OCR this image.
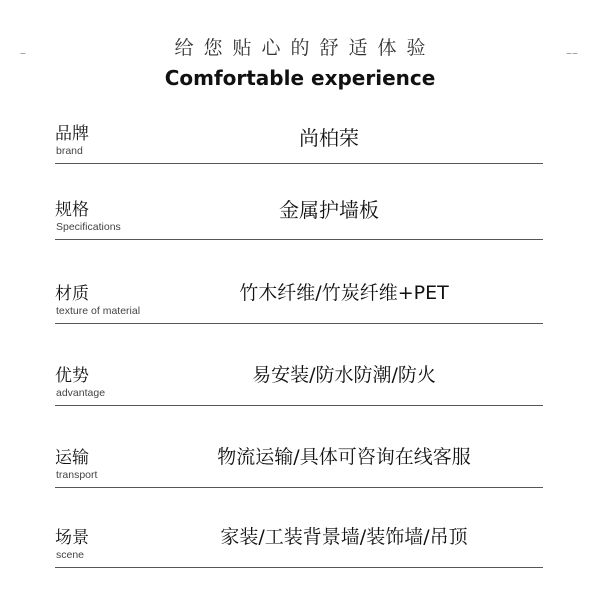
–	给您贴心的舒适体验
Comfortable experience
––
品牌
brand
尚柏荣
规格
Specifications
金属护墙板
材质
texture of material
竹木纤维/竹炭纤维+PET
优势
advantage
易安装/防水防潮/防火
运输
transport
物流运输/具体可咨询在线客服
场景
scene
家装/工装背景墙/装饰墙/吊顶
